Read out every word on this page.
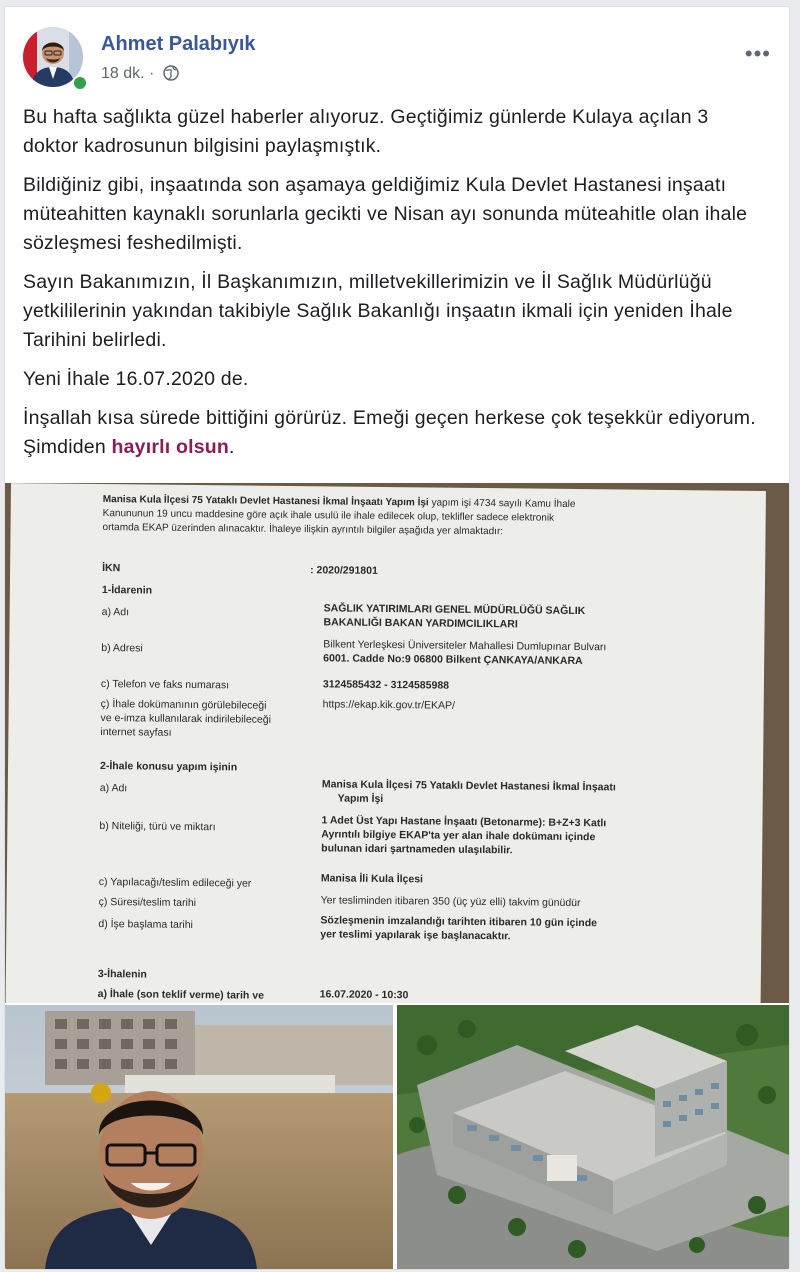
Ahmet Palabıyık
18 dk. ·
•••

Bu hafta sağlıkta güzel haberler alıyoruz. Geçtiğimiz günlerde Kulaya açılan 3 doktor kadrosunun bilgisini paylaşmıştık.

Bildiğiniz gibi, inşaatında son aşamaya geldiğimiz Kula Devlet Hastanesi inşaatı müteahitten kaynaklı sorunlarla gecikti ve Nisan ayı sonunda müteahitle olan ihale sözleşmesi feshedilmişti.

Sayın Bakanımızın, İl Başkanımızın, milletvekillerimizin ve İl Sağlık Müdürlüğü yetkililerinin yakından takibiyle Sağlık Bakanlığı inşaatın ikmali için yeniden İhale Tarihini belirledi.

Yeni İhale 16.07.2020 de.

İnşallah kısa sürede bittiğini görürüz. Emeği geçen herkese çok teşekkür ediyorum. Şimdiden hayırlı olsun.

Manisa Kula İlçesi 75 Yataklı Devlet Hastanesi İkmal İnşaatı Yapım İşi yapım işi 4734 sayılı Kamu İhale
Kanununun 19 uncu maddesine göre açık ihale usulü ile ihale edilecek olup, teklifler sadece elektronik
ortamda EKAP üzerinden alınacaktır. İhaleye ilişkin ayrıntılı bilgiler aşağıda yer almaktadır:
İKN	: 2020/291801
1-İdarenin
a) Adı	SAĞLIK YATIRIMLARI GENEL MÜDÜRLÜĞÜ SAĞLIK
BAKANLIĞI BAKAN YARDIMCILIKLARI
b) Adresi	Bilkent Yerleşkesi Üniversiteler Mahallesi Dumlupınar Bulvarı
6001. Cadde No:9 06800 Bilkent ÇANKAYA/ANKARA
c) Telefon ve faks numarası	3124585432 - 3124585988
ç) İhale dokümanının görülebileceği
ve e-imza kullanılarak indirilebileceği
internet sayfası
https://ekap.kik.gov.tr/EKAP/
2-İhale konusu yapım işinin
a) Adı	Manisa Kula İlçesi 75 Yataklı Devlet Hastanesi İkmal İnşaatı
Yapım İşi
b) Niteliği, türü ve miktarı	1 Adet Üst Yapı Hastane İnşaatı (Betonarme): B+Z+3 Katlı
Ayrıntılı bilgiye EKAP'ta yer alan ihale dokümanı içinde
bulunan idari şartnameden ulaşılabilir.
c) Yapılacağı/teslim edileceği yer	Manisa İli Kula İlçesi
ç) Süresi/teslim tarihi	Yer tesliminden itibaren 350 (üç yüz elli) takvim günüdür
d) İşe başlama tarihi	Sözleşmenin imzalandığı tarihten itibaren 10 gün içinde
yer teslimi yapılarak işe başlanacaktır.
3-İhalenin
a) İhale (son teklif verme) tarih ve	16.07.2020 - 10:30
